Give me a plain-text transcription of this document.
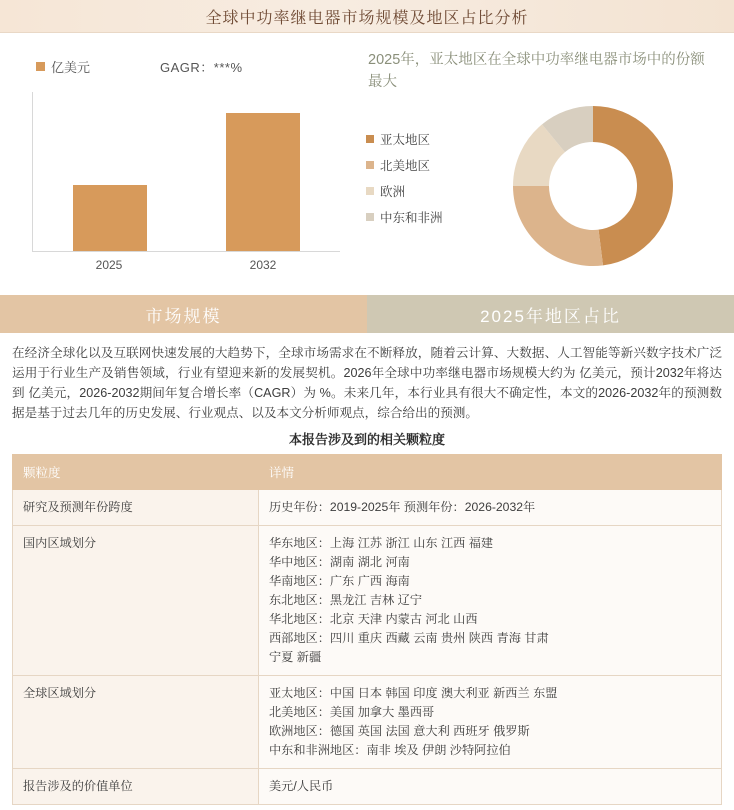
全球中功率继电器市场规模及地区占比分析
亿美元	GAGR：***%
2025	2032
2025年，亚太地区在全球中功率继电器市场中的份额最大
亚太地区
北美地区
欧洲
中东和非洲
市场规模	2025年地区占比
在经济全球化以及互联网快速发展的大趋势下，全球市场需求在不断释放，随着云计算、大数据、人工智能等新兴数字技术广泛运用于行业生产及销售领域，行业有望迎来新的发展契机。2026年全球中功率继电器市场规模大约为 亿美元，预计2032年将达到 亿美元，2026-2032期间年复合增长率（CAGR）为 %。未来几年，本行业具有很大不确定性，本文的2026-2032年的预测数据是基于过去几年的历史发展、行业观点、以及本文分析师观点，综合给出的预测。
本报告涉及到的相关颗粒度
颗粒度	详情
研究及预测年份跨度	历史年份：2019-2025年 预测年份：2026-2032年

国内区域划分	华东地区：上海 江苏 浙江 山东 江西 福建
华中地区：湖南 湖北 河南
华南地区：广东 广西 海南
东北地区：黑龙江 吉林 辽宁
华北地区：北京 天津 内蒙古 河北 山西
西部地区：四川 重庆 西藏 云南 贵州 陕西 青海 甘肃
宁夏 新疆

全球区域划分	亚太地区：中国 日本 韩国 印度 澳大利亚 新西兰 东盟
北美地区：美国 加拿大 墨西哥
欧洲地区：德国 英国 法国 意大利 西班牙 俄罗斯
中东和非洲地区：南非 埃及 伊朗 沙特阿拉伯

报告涉及的价值单位	美元/人民币
